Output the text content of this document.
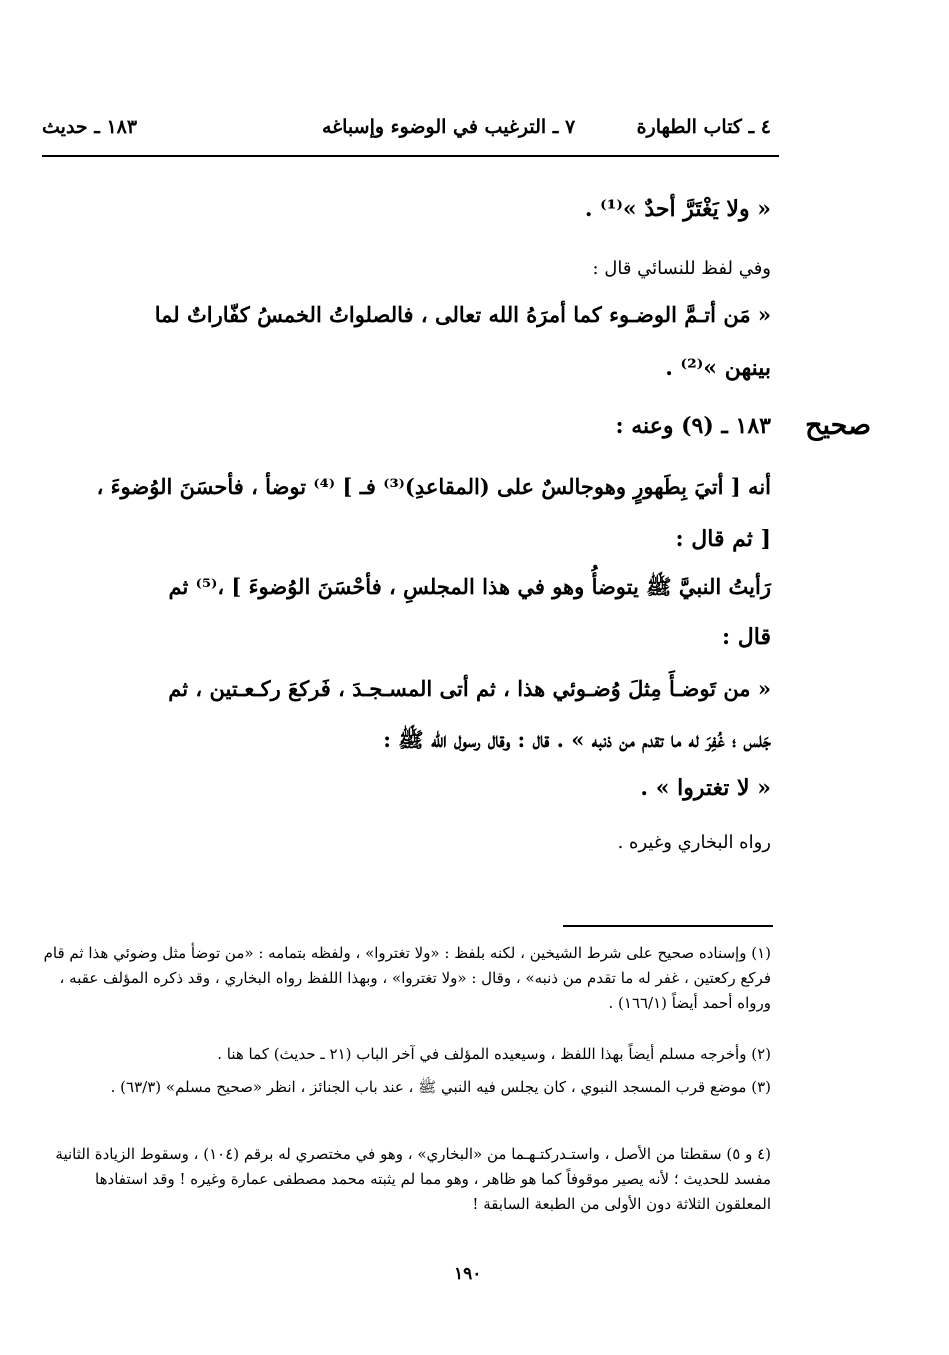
٤ ـ كتاب الطهارة
٧ ـ الترغيب في الوضوء وإسباغه
١٨٣ ـ حديث
« ولا يَغْتَرَّ أحدٌ »⁽¹⁾ .
وفي لفظ للنسائي قال :
« مَن أتـمَّ الوضـوء كما أمرَهُ الله تعالى ، فالصلواتُ الخمسُ كفّاراتٌ لما
بينهن »⁽²⁾ .
صحيح
١٨٣ ـ (٩) وعنه :
أنه [ أتيَ بِطَهورٍ وهوجالسٌ على (المقاعدِ)⁽³⁾ فـ ] ⁽⁴⁾ توضأ ، فأحسَنَ الوُضوءَ ،
[ ثم قال :
رَأيتُ النبيَّ ﷺ يتوضأُ وهو في هذا المجلسِ ، فأحْسَنَ الوُضوءَ ] ،⁽⁵⁾ ثم
قال :
« من تَوضـأَ مِثلَ وُضـوئي هذا ، ثم أتى المسـجـدَ ، فَركعَ ركـعـتين ، ثم
جَلس ؛ غُفِرَ له ما تقدم من ذنبه » . قال : وقال رسول الله ﷺ :
« لا تغتروا » .
رواه البخاري وغيره .
(١) وإسناده صحيح على شرط الشيخين ، لكنه بلفظ : «ولا تغتروا» ، ولفظه بتمامه : «من توضأ مثل وضوئي هذا ثم قام فركع ركعتين ، غفر له ما تقدم من ذنبه» ، وقال : «ولا تغتروا» ، وبهذا اللفظ رواه البخاري ، وقد ذكره المؤلف عقبه ، ورواه أحمد أيضاً (١٦٦/١) .
(٢) وأخرجه مسلم أيضاً بهذا اللفظ ، وسيعيده المؤلف في آخر الباب (٢١ ـ حديث) كما هنا .
(٣) موضع قرب المسجد النبوي ، كان يجلس فيه النبي ﷺ ، عند باب الجنائز ، انظر «صحيح مسلم» (٦٣/٣) .
(٤ و ٥) سقطتا من الأصل ، واستـدركتـهـما من «البخاري» ، وهو في مختصري له برقم (١٠٤) ، وسقوط الزيادة الثانية مفسد للحديث ؛ لأنه يصير موقوفاً كما هو ظاهر ، وهو مما لم يثبته محمد مصطفى عمارة وغيره ! وقد استفادها المعلقون الثلاثة دون الأولى من الطبعة السابقة !
١٩٠
